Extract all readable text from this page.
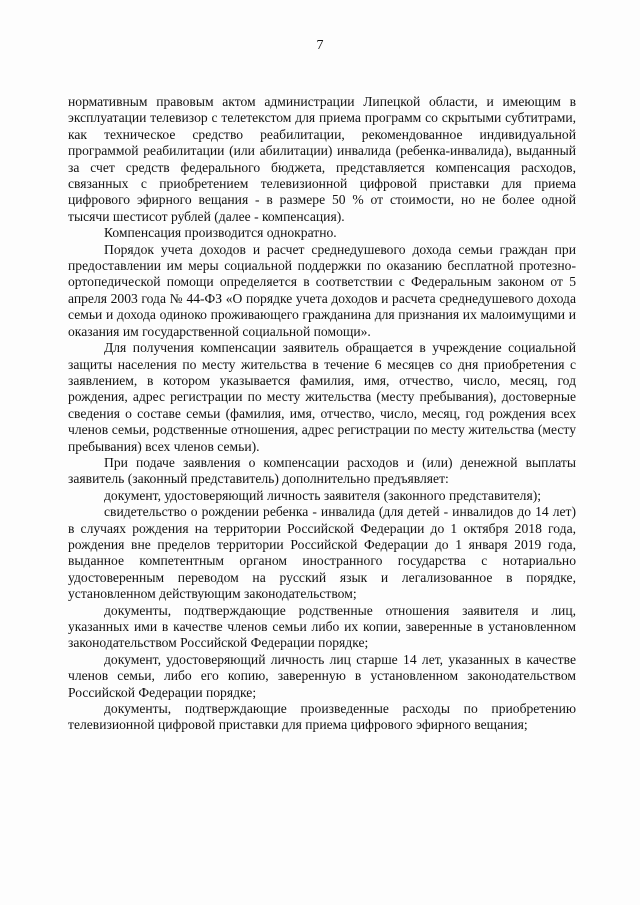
7

нормативным правовым актом администрации Липецкой области, и имеющим в эксплуатации телевизор с телетекстом для приема программ со скрытыми субтитрами, как техническое средство реабилитации, рекомендованное индивидуальной программой реабилитации (или абилитации) инвалида (ребенка-инвалида), выданный за счет средств федерального бюджета, представляется компенсация расходов, связанных с приобретением телевизионной цифровой приставки для приема цифрового эфирного вещания - в размере 50 % от стоимости, но не более одной тысячи шестисот рублей (далее - компенсация).

Компенсация производится однократно.

Порядок учета доходов и расчет среднедушевого дохода семьи граждан при предоставлении им меры социальной поддержки по оказанию бесплатной протезно-ортопедической помощи определяется в соответствии с Федеральным законом от 5 апреля 2003 года № 44-ФЗ «О порядке учета доходов и расчета среднедушевого дохода семьи и дохода одиноко проживающего гражданина для признания их малоимущими и оказания им государственной социальной помощи».

Для получения компенсации заявитель обращается в учреждение социальной защиты населения по месту жительства в течение 6 месяцев со дня приобретения с заявлением, в котором указывается фамилия, имя, отчество, число, месяц, год рождения, адрес регистрации по месту жительства (месту пребывания), достоверные сведения о составе семьи (фамилия, имя, отчество, число, месяц, год рождения всех членов семьи, родственные отношения, адрес регистрации по месту жительства (месту пребывания) всех членов семьи).

При подаче заявления о компенсации расходов и (или) денежной выплаты заявитель (законный представитель) дополнительно предъявляет:

документ, удостоверяющий личность заявителя (законного представителя);

свидетельство о рождении ребенка - инвалида (для детей - инвалидов до 14 лет) в случаях рождения на территории Российской Федерации до 1 октября 2018 года, рождения вне пределов территории Российской Федерации до 1 января 2019 года, выданное компетентным органом иностранного государства с нотариально удостоверенным переводом на русский язык и легализованное в порядке, установленном действующим законодательством;

документы, подтверждающие родственные отношения заявителя и лиц, указанных ими в качестве членов семьи либо их копии, заверенные в установленном законодательством Российской Федерации порядке;

документ, удостоверяющий личность лиц старше 14 лет, указанных в качестве членов семьи, либо его копию, заверенную в установленном законодательством Российской Федерации порядке;

документы, подтверждающие произведенные расходы по приобретению телевизионной цифровой приставки для приема цифрового эфирного вещания;
